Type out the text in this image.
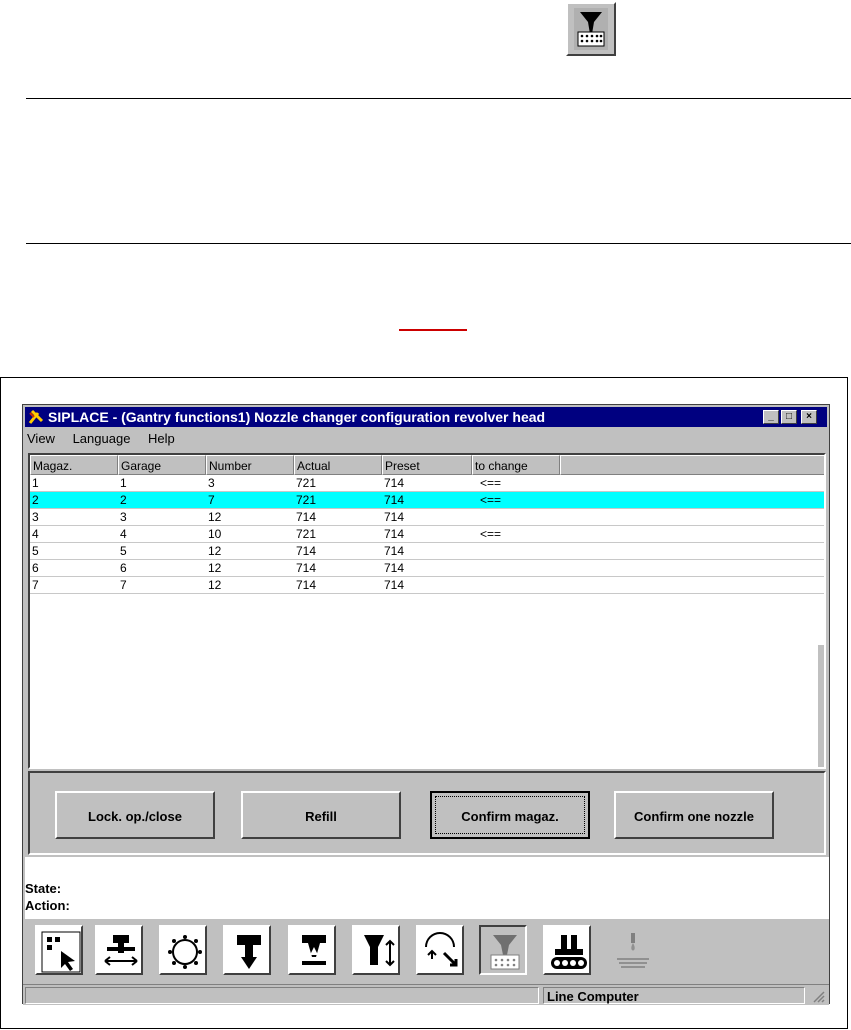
SIPLACE - (Gantry functions1) Nozzle changer configuration revolver head	_	□	×
View Language Help
Magaz.	Garage	Number	Actual	Preset	to change
1	1	3	721	714	<==
2	2	7	721	714	<==
3	3	12	714	714
4	4	10	721	714	<==
5	5	12	714	714
6	6	12	714	714
7	7	12	714	714
Lock. op./close	Refill	Confirm magaz.	Confirm one nozzle
State:
Action:
Line Computer
